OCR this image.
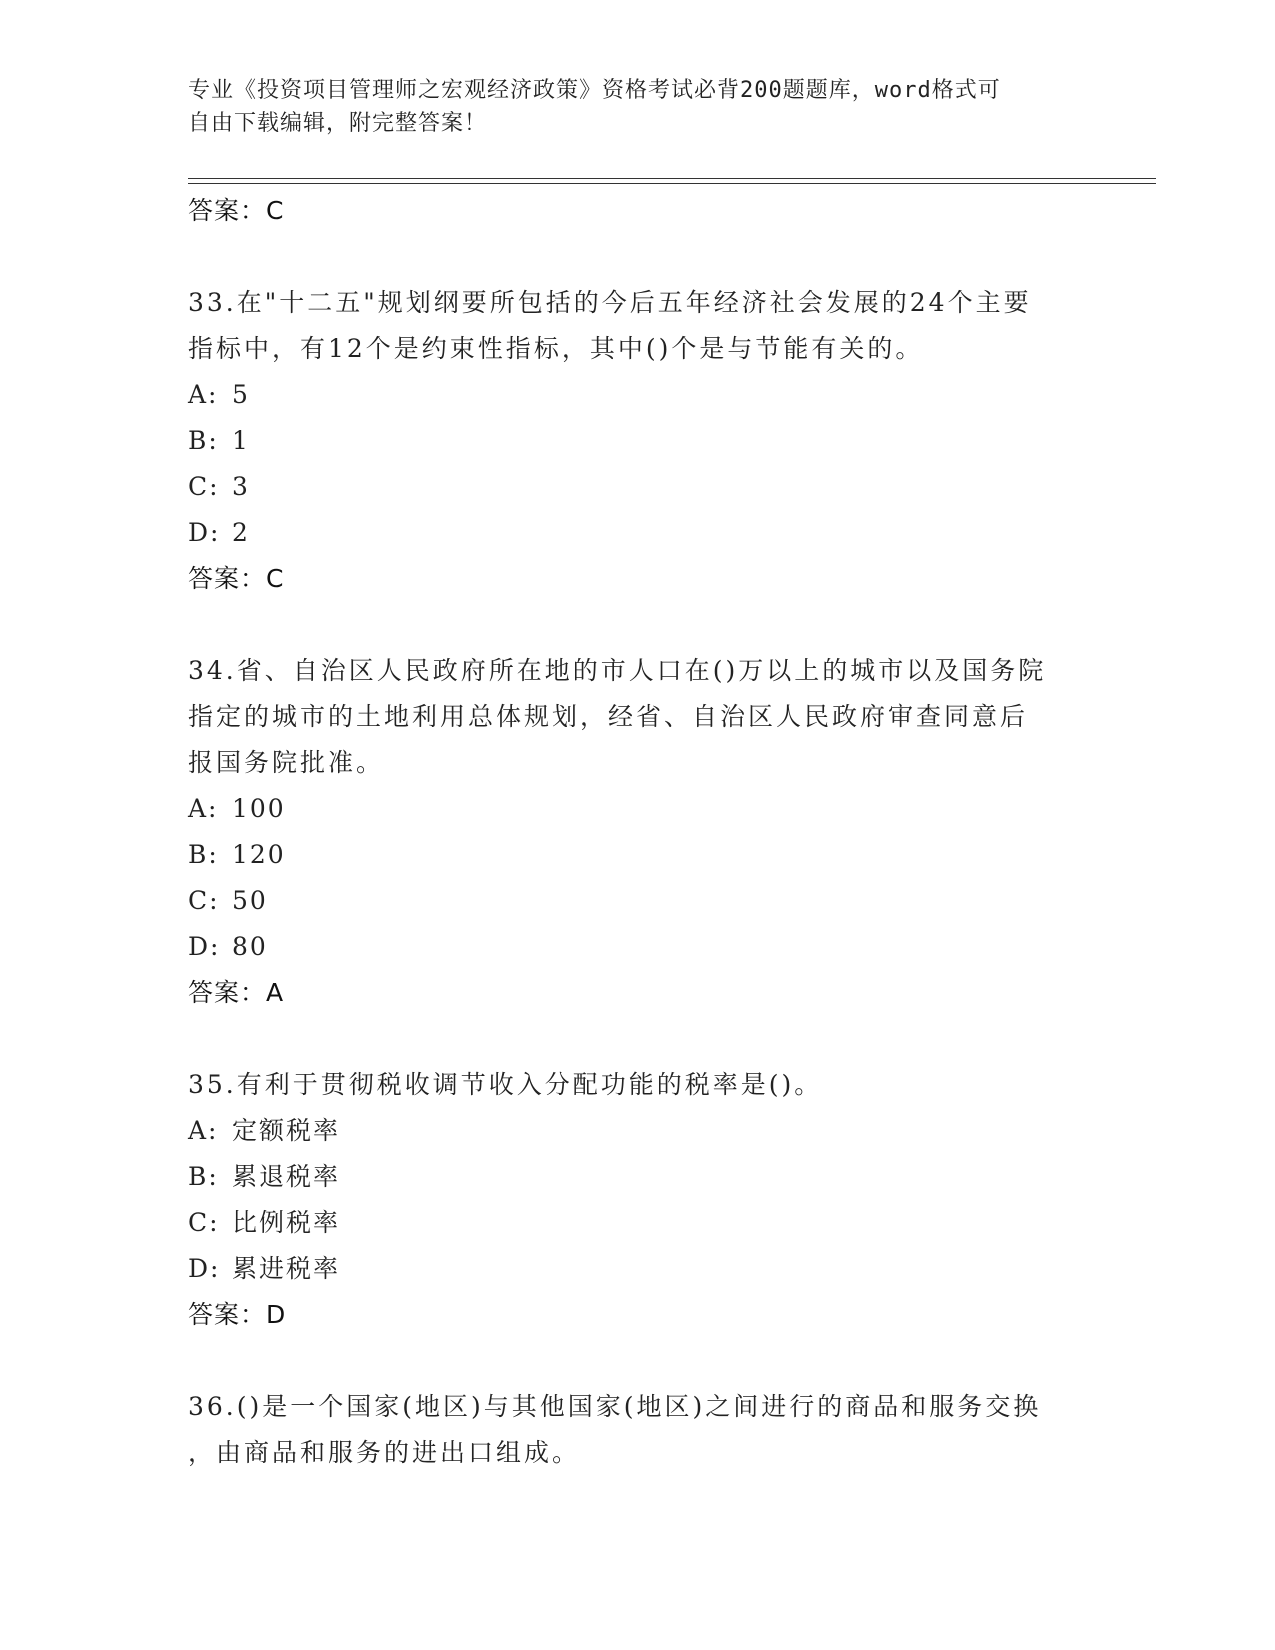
专业《投资项目管理师之宏观经济政策》资格考试必背200题题库，word格式可
自由下载编辑，附完整答案！
答案：C
33.在"十二五"规划纲要所包括的今后五年经济社会发展的24个主要
指标中，有12个是约束性指标，其中()个是与节能有关的。
A: 5
B: 1
C: 3
D: 2
答案：C
34.省、自治区人民政府所在地的市人口在()万以上的城市以及国务院
指定的城市的土地利用总体规划，经省、自治区人民政府审查同意后
报国务院批准。
A: 100
B: 120
C: 50
D: 80
答案：A
35.有利于贯彻税收调节收入分配功能的税率是()。
A: 定额税率
B: 累退税率
C: 比例税率
D: 累进税率
答案：D
36.()是一个国家(地区)与其他国家(地区)之间进行的商品和服务交换
，由商品和服务的进出口组成。
